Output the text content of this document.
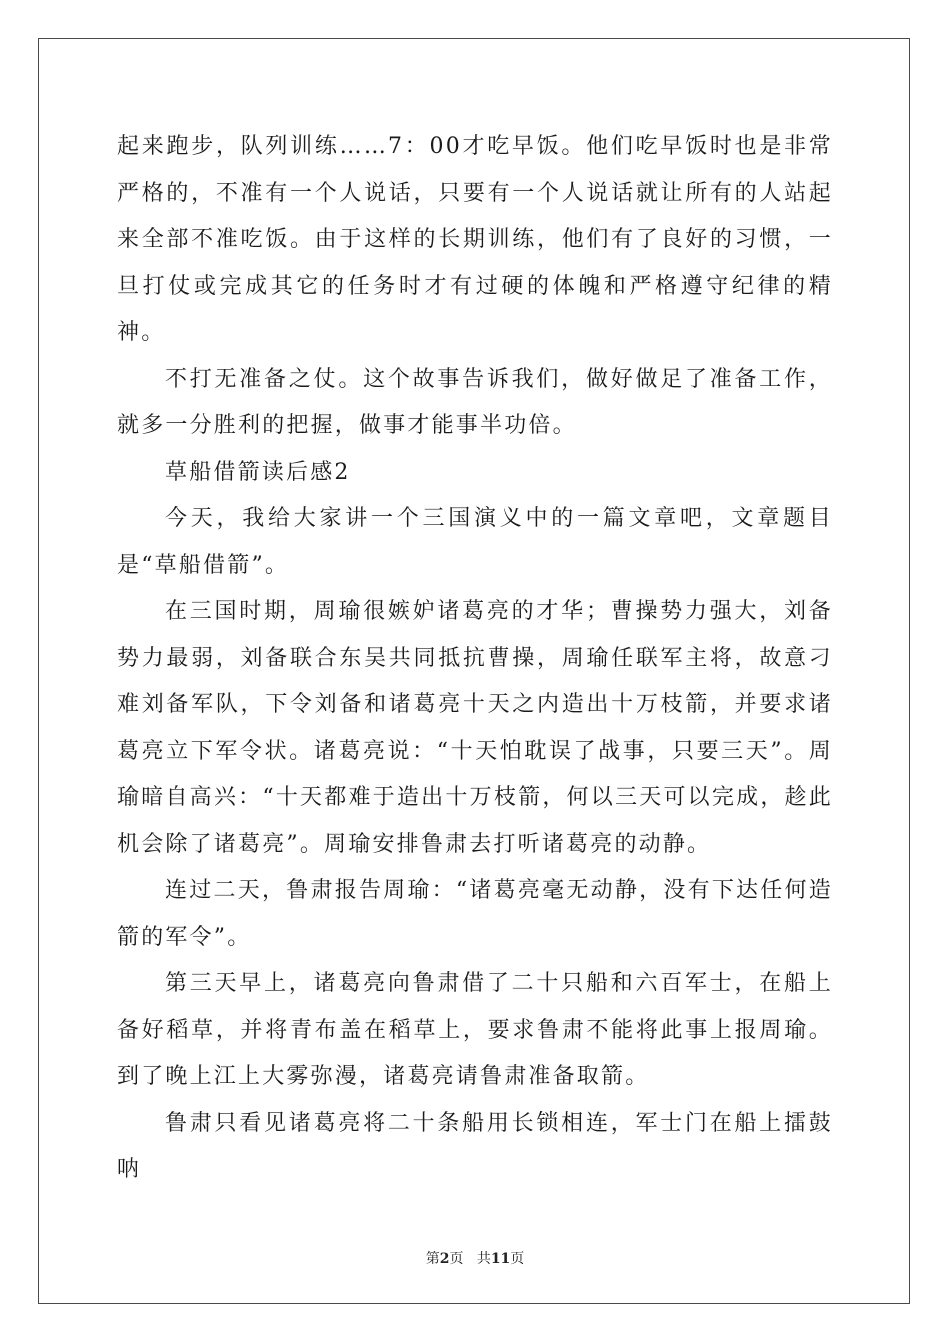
起来跑步，队列训练……7：00才吃早饭。他们吃早饭时也是非常严格的，不准有一个人说话，只要有一个人说话就让所有的人站起来全部不准吃饭。由于这样的长期训练，他们有了良好的习惯，一旦打仗或完成其它的任务时才有过硬的体魄和严格遵守纪律的精神。

不打无准备之仗。这个故事告诉我们，做好做足了准备工作，就多一分胜利的把握，做事才能事半功倍。

草船借箭读后感2

今天，我给大家讲一个三国演义中的一篇文章吧，文章题目是“草船借箭”。

在三国时期，周瑜很嫉妒诸葛亮的才华；曹操势力强大，刘备势力最弱，刘备联合东吴共同抵抗曹操，周瑜任联军主将，故意刁难刘备军队，下令刘备和诸葛亮十天之内造出十万枝箭，并要求诸葛亮立下军令状。诸葛亮说：“十天怕耽误了战事，只要三天”。周瑜暗自高兴：“十天都难于造出十万枝箭，何以三天可以完成，趁此机会除了诸葛亮”。周瑜安排鲁肃去打听诸葛亮的动静。

连过二天，鲁肃报告周瑜：“诸葛亮毫无动静，没有下达任何造箭的军令”。

第三天早上，诸葛亮向鲁肃借了二十只船和六百军士，在船上备好稻草，并将青布盖在稻草上，要求鲁肃不能将此事上报周瑜。到了晚上江上大雾弥漫，诸葛亮请鲁肃准备取箭。

鲁肃只看见诸葛亮将二十条船用长锁相连，军士门在船上擂鼓呐

第2页 共11页
